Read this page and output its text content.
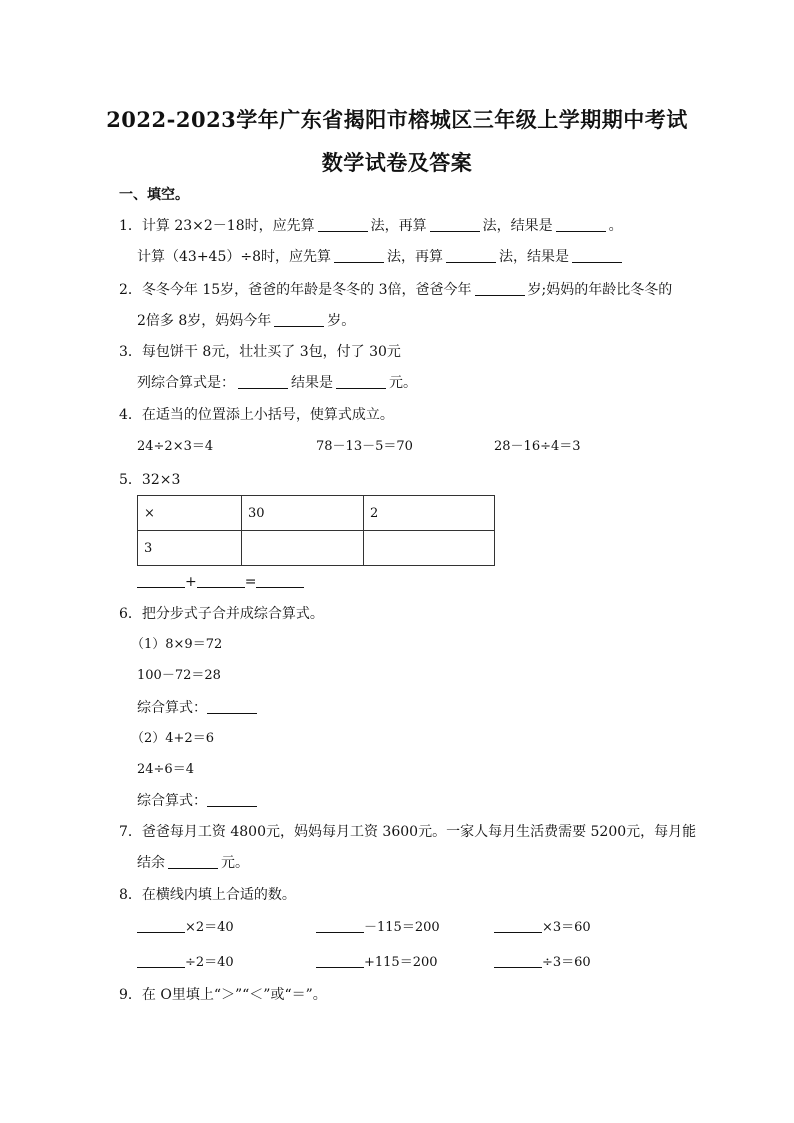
2022-2023学年广东省揭阳市榕城区三年级上学期期中考试
数学试卷及答案
一、填空。
1．计算 23×2－18时，应先算	法，再算	法，结果是	。
计算（43+45）÷8时，应先算	法，再算	法，结果是
2．冬冬今年 15岁，爸爸的年龄是冬冬的 3倍，爸爸今年	岁;妈妈的年龄比冬冬的
2倍多 8岁，妈妈今年	岁。
3．每包饼干 8元，壮壮买了 3包，付了 30元
列综合算式是：	结果是	元。
4．在适当的位置添上小括号，使算式成立。
24÷2×3＝4	78－13－5＝70	28－16÷4＝3
5．32×3
×	30	2
3		
+	=
6．把分步式子合并成综合算式。
（1）8×9＝72
100－72＝28
综合算式：
（2）4+2＝6
24÷6＝4
综合算式：
7．爸爸每月工资 4800元，妈妈每月工资 3600元。一家人每月生活费需要 5200元，每月能
结余	元。
8．在横线内填上合适的数。
×2＝40	－115＝200	×3＝60
÷2＝40	+115＝200	÷3＝60
9．在 O里填上“＞”“＜”或“＝”。
